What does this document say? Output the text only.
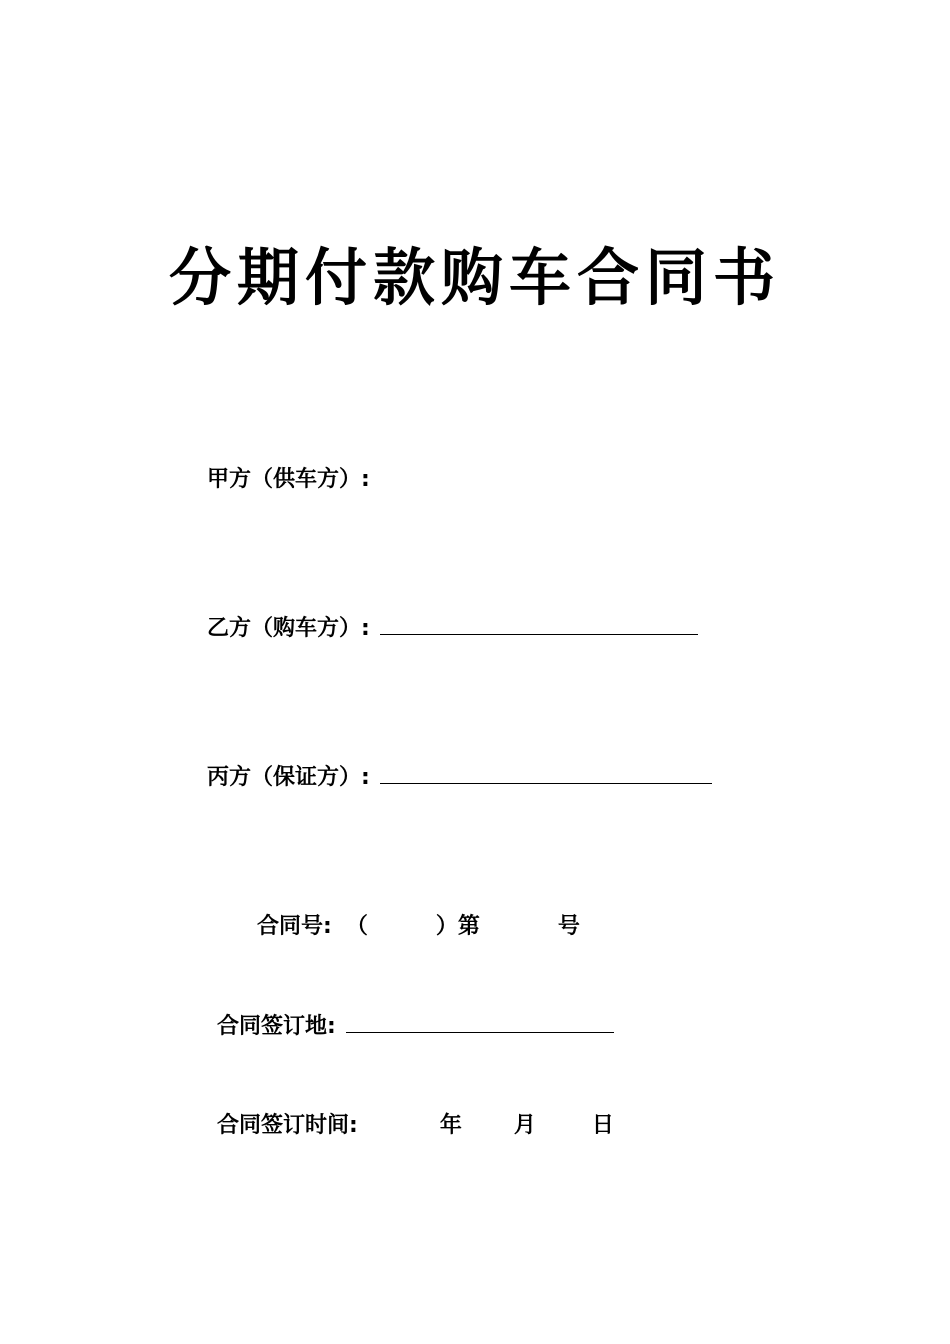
分期付款购车合同书
甲方（供车方）:
乙方（购车方）:
丙方（保证方）:
合同号: （	）第	号
合同签订地:
合同签订时间:	年 月	日
